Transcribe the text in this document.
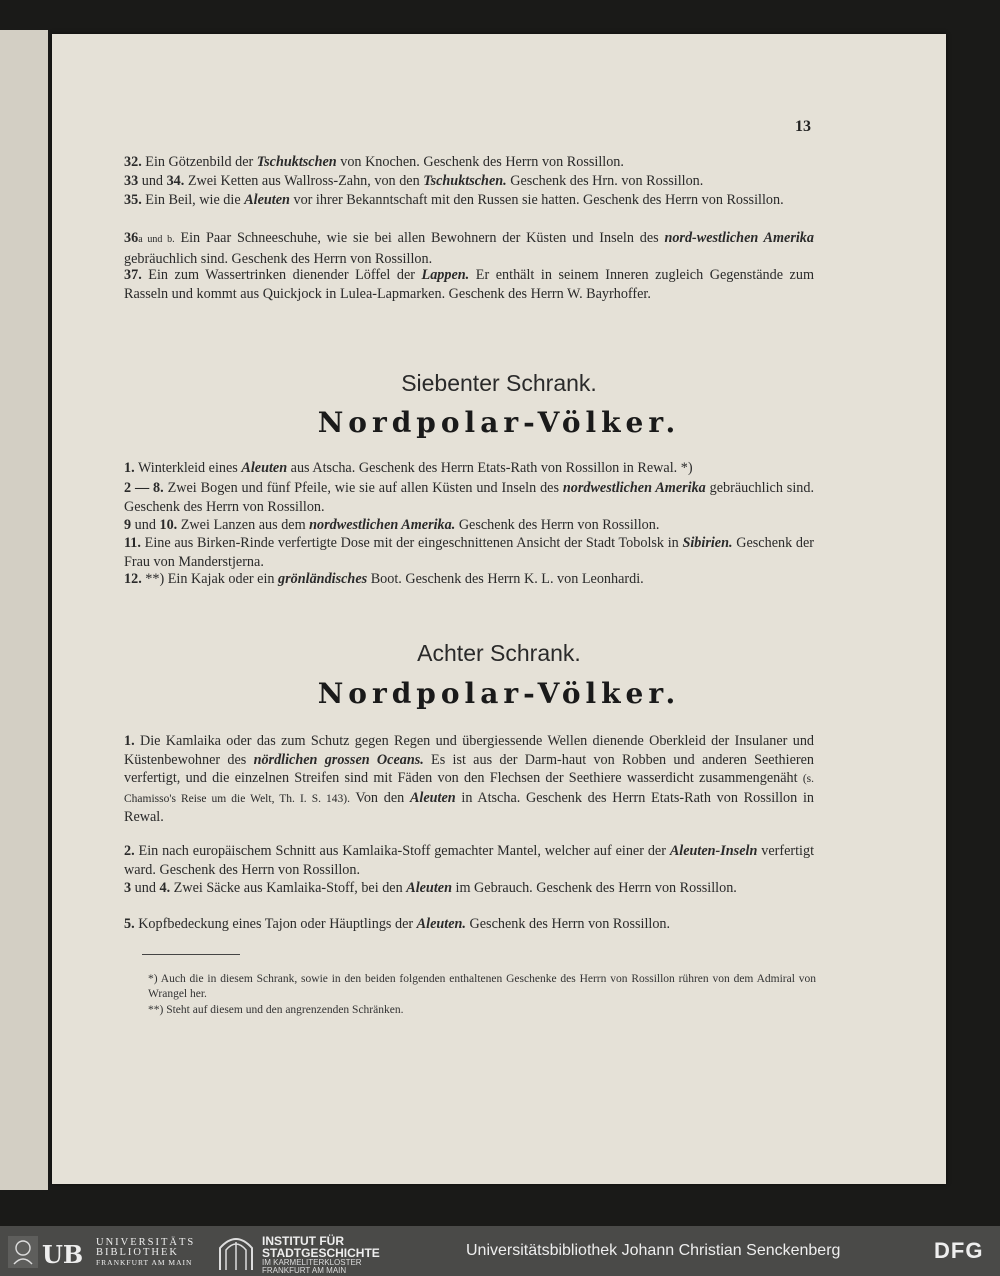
13
32. Ein Götzenbild der Tschuktschen von Knochen. Geschenk des Herrn von Rossillon.
33 und 34. Zwei Ketten aus Wallross-Zahn, von den Tschuktschen. Geschenk des Hrn. von Rossillon.
35. Ein Beil, wie die Aleuten vor ihrer Bekanntschaft mit den Russen sie hatten. Geschenk des Herrn von Rossillon.
36a und b. Ein Paar Schneeschuhe, wie sie bei allen Bewohnern der Küsten und Inseln des nord-westlichen Amerika gebräuchlich sind. Geschenk des Herrn von Rossillon.
37. Ein zum Wassertrinken dienender Löffel der Lappen. Er enthält in seinem Inneren zugleich Gegenstände zum Rasseln und kommt aus Quickjock in Lulea-Lapmarken. Geschenk des Herrn W. Bayrhoffer.
Siebenter Schrank.
Nordpolar-Völker.
1. Winterkleid eines Aleuten aus Atscha. Geschenk des Herrn Etats-Rath von Rossillon in Rewal. *)
2 — 8. Zwei Bogen und fünf Pfeile, wie sie auf allen Küsten und Inseln des nordwestlichen Amerika gebräuchlich sind. Geschenk des Herrn von Rossillon.
9 und 10. Zwei Lanzen aus dem nordwestlichen Amerika. Geschenk des Herrn von Rossillon.
11. Eine aus Birken-Rinde verfertigte Dose mit der eingeschnittenen Ansicht der Stadt Tobolsk in Sibirien. Geschenk der Frau von Manderstjerna.
12. **) Ein Kajak oder ein grönländisches Boot. Geschenk des Herrn K. L. von Leonhardi.
Achter Schrank.
Nordpolar-Völker.
1. Die Kamlaika oder das zum Schutz gegen Regen und übergiessende Wellen dienende Oberkleid der Insulaner und Küstenbewohner des nördlichen grossen Oceans. Es ist aus der Darm-haut von Robben und anderen Seethieren verfertigt, und die einzelnen Streifen sind mit Fäden von den Flechsen der Seethiere wasserdicht zusammengenäht (s. Chamisso's Reise um die Welt, Th. I. S. 143). Von den Aleuten in Atscha. Geschenk des Herrn Etats-Rath von Rossillon in Rewal.
2. Ein nach europäischem Schnitt aus Kamlaika-Stoff gemachter Mantel, welcher auf einer der Aleuten-Inseln verfertigt ward. Geschenk des Herrn von Rossillon.
3 und 4. Zwei Säcke aus Kamlaika-Stoff, bei den Aleuten im Gebrauch. Geschenk des Herrn von Rossillon.
5. Kopfbedeckung eines Tajon oder Häuptlings der Aleuten. Geschenk des Herrn von Rossillon.
*) Auch die in diesem Schrank, sowie in den beiden folgenden enthaltenen Geschenke des Herrn von Rossillon rühren von dem Admiral von Wrangel her.
**) Steht auf diesem und den angrenzenden Schränken.
UB UNIVERSITÄTS
BIBLIOTHEK
FRANKFURT AM MAIN
INSTITUT FÜR
STADTGESCHICHTE
IM KARMELITERKLOSTER
FRANKFURT AM MAIN
Universitätsbibliothek Johann Christian Senckenberg	DFG
